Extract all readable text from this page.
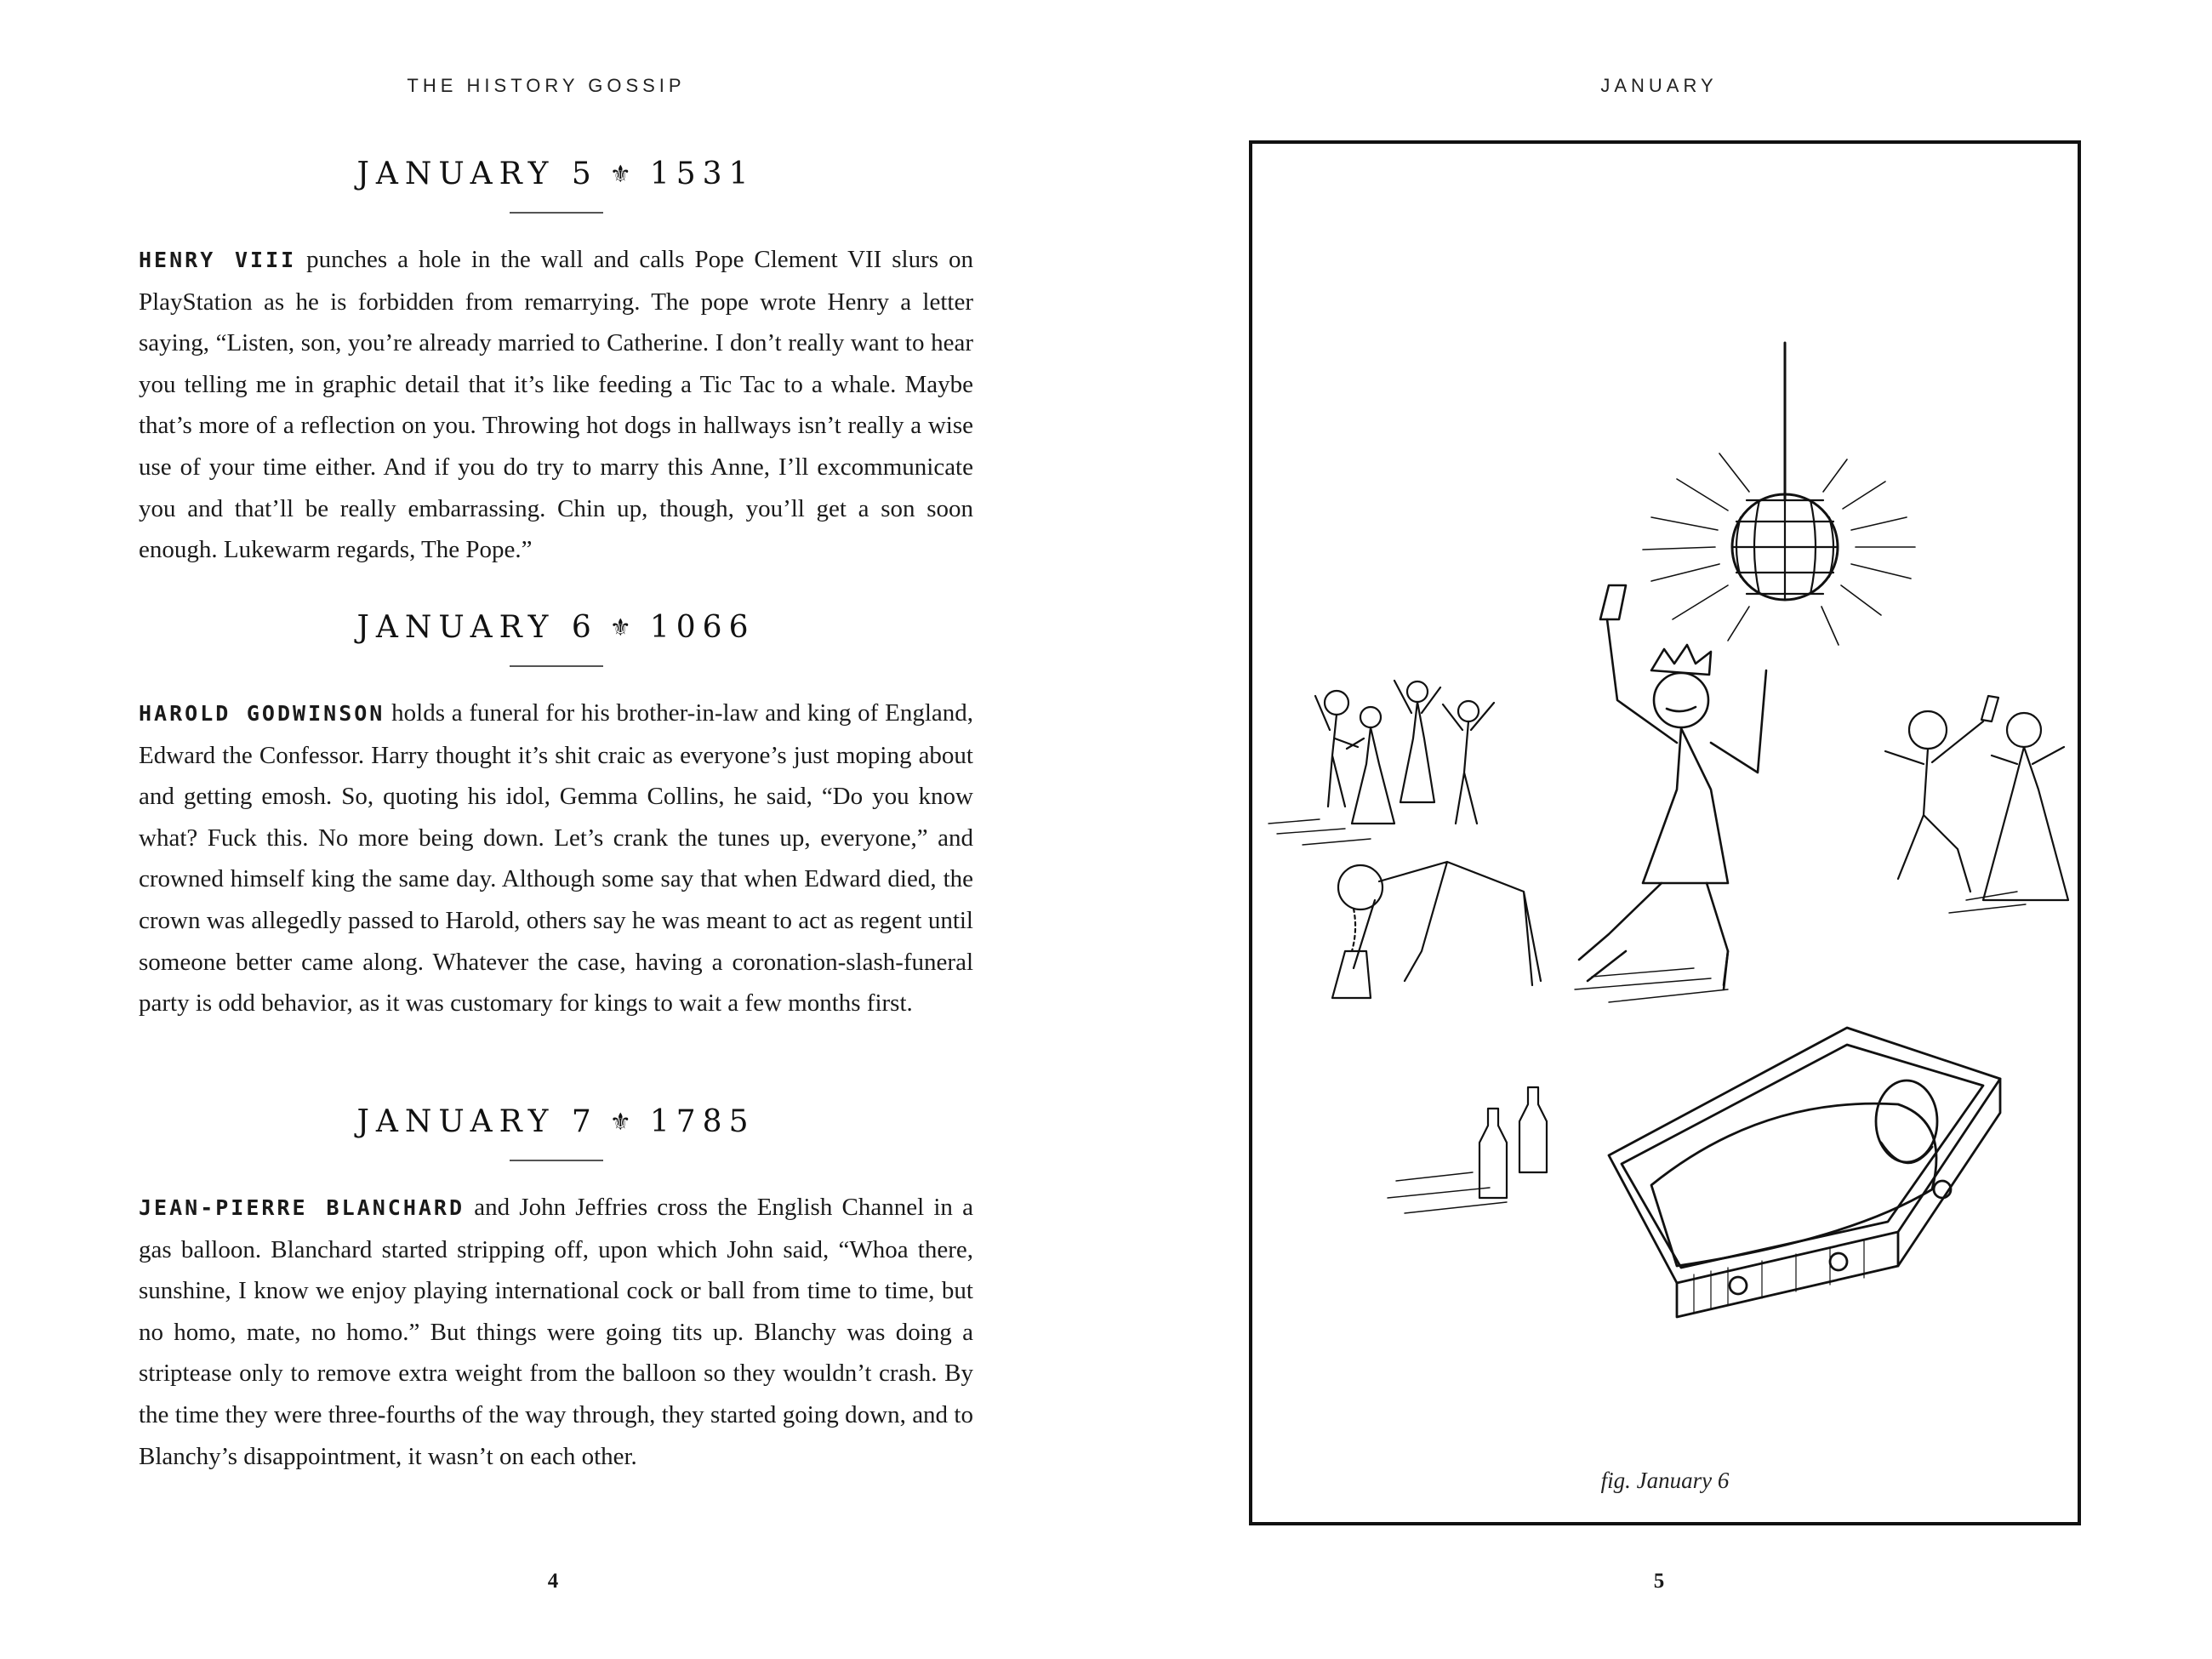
THE HISTORY GOSSIP
JANUARY 5 ⚜ 1531

HENRY VIII punches a hole in the wall and calls Pope Clement VII slurs on PlayStation as he is forbidden from remarrying. The pope wrote Henry a letter saying, “Listen, son, you’re already married to Catherine. I don’t really want to hear you telling me in graphic detail that it’s like feeding a Tic Tac to a whale. Maybe that’s more of a reflection on you. Throwing hot dogs in hallways isn’t really a wise use of your time either. And if you do try to marry this Anne, I’ll excommunicate you and that’ll be really embarrassing. Chin up, though, you’ll get a son soon enough. Lukewarm regards, The Pope.”

JANUARY 6 ⚜ 1066

HAROLD GODWINSON holds a funeral for his brother-in-law and king of England, Edward the Confessor. Harry thought it’s shit craic as everyone’s just moping about and getting emosh. So, quoting his idol, Gemma Collins, he said, “Do you know what? Fuck this. No more being down. Let’s crank the tunes up, everyone,” and crowned himself king the same day. Although some say that when Edward died, the crown was allegedly passed to Harold, others say he was meant to act as regent until someone better came along. Whatever the case, having a coronation-slash-funeral party is odd behavior, as it was customary for kings to wait a few months first.

JANUARY 7 ⚜ 1785

JEAN-PIERRE BLANCHARD and John Jeffries cross the English Channel in a gas balloon. Blanchard started stripping off, upon which John said, “Whoa there, sunshine, I know we enjoy playing international cock or ball from time to time, but no homo, mate, no homo.” But things were going tits up. Blanchy was doing a striptease only to remove extra weight from the balloon so they wouldn’t crash. By the time they were three-fourths of the way through, they started going down, and to Blanchy’s disappointment, it wasn’t on each other.

4
JANUARY
fig. January 6
5
